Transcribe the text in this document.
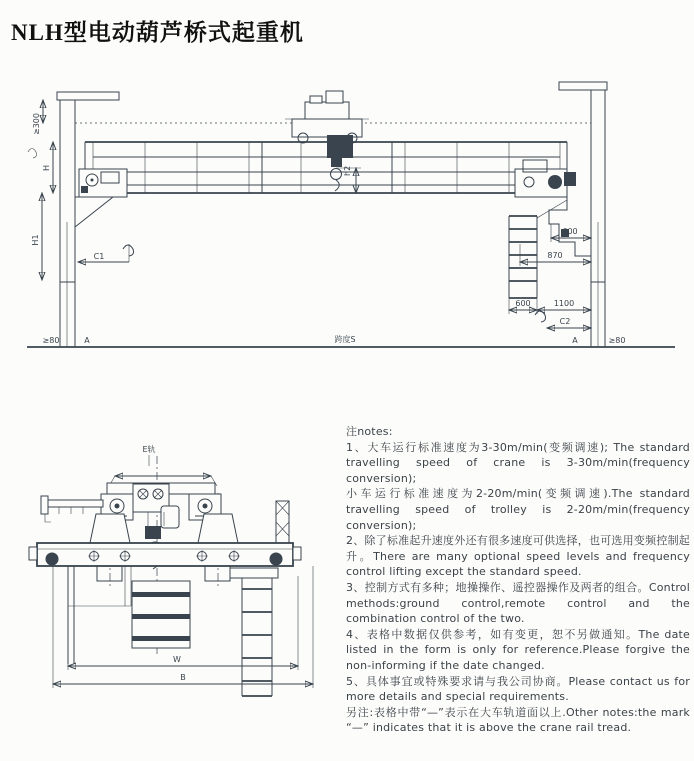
NLH型电动葫芦桥式起重机
h2
≥300
H
H1
C1
600
870
600	1100
C2
A	≥80
≥80	A	跨度S
E轨
W
B

注notes:

1、大车运行标准速度为3-30m/min(变频调速); The standard travelling speed of crane is 3-30m/min(frequency conversion);

小车运行标准速度为2-20m/min(变频调速).The standard travelling speed of trolley is 2-20m/min(frequency conversion);

2、除了标准起升速度外还有很多速度可供选择，也可选用变频控制起升。There are many optional speed levels and frequency control lifting except the standard speed.

3、控制方式有多种；地操操作、遥控器操作及两者的组合。Control methods:ground control,remote control and the combination control of the two.

4、表格中数据仅供参考，如有变更，恕不另做通知。The date listed in the form is only for reference.Please forgive the non-informing if the date changed.

5、具体事宜或特殊要求请与我公司协商。Please contact us for more details and special requirements.

另注:表格中带“—”表示在大车轨道面以上.Other notes:the mark “—” indicates that it is above the crane rail tread.
